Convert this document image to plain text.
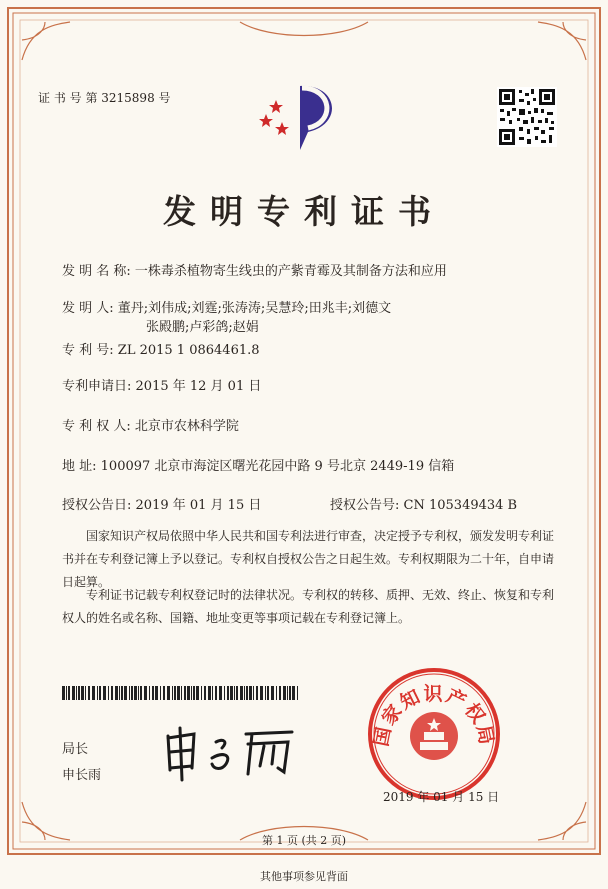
证 书 号 第 3215898 号
发明专利证书
发 明 名 称: 一株毒杀植物寄生线虫的产紫青霉及其制备方法和应用
发 明 人: 董丹;刘伟成;刘霆;张涛涛;吴慧玲;田兆丰;刘德文
张殿鹏;卢彩鸽;赵娟
专 利 号: ZL 2015 1 0864461.8
专利申请日: 2015 年 12 月 01 日
专 利 权 人: 北京市农林科学院
地 址: 100097 北京市海淀区曙光花园中路 9 号北京 2449-19 信箱
授权公告日: 2019 年 01 月 15 日	授权公告号: CN 105349434 B
国家知识产权局依照中华人民共和国专利法进行审查，决定授予专利权，颁发发明专利证书并在专利登记簿上予以登记。专利权自授权公告之日起生效。专利权期限为二十年，自申请日起算。
专利证书记载专利权登记时的法律状况。专利权的转移、质押、无效、终止、恢复和专利权人的姓名或名称、国籍、地址变更等事项记载在专利登记簿上。
局长
申长雨
国家知识产权局
2019 年 01 月 15 日
第 1 页 (共 2 页)
其他事项参见背面
